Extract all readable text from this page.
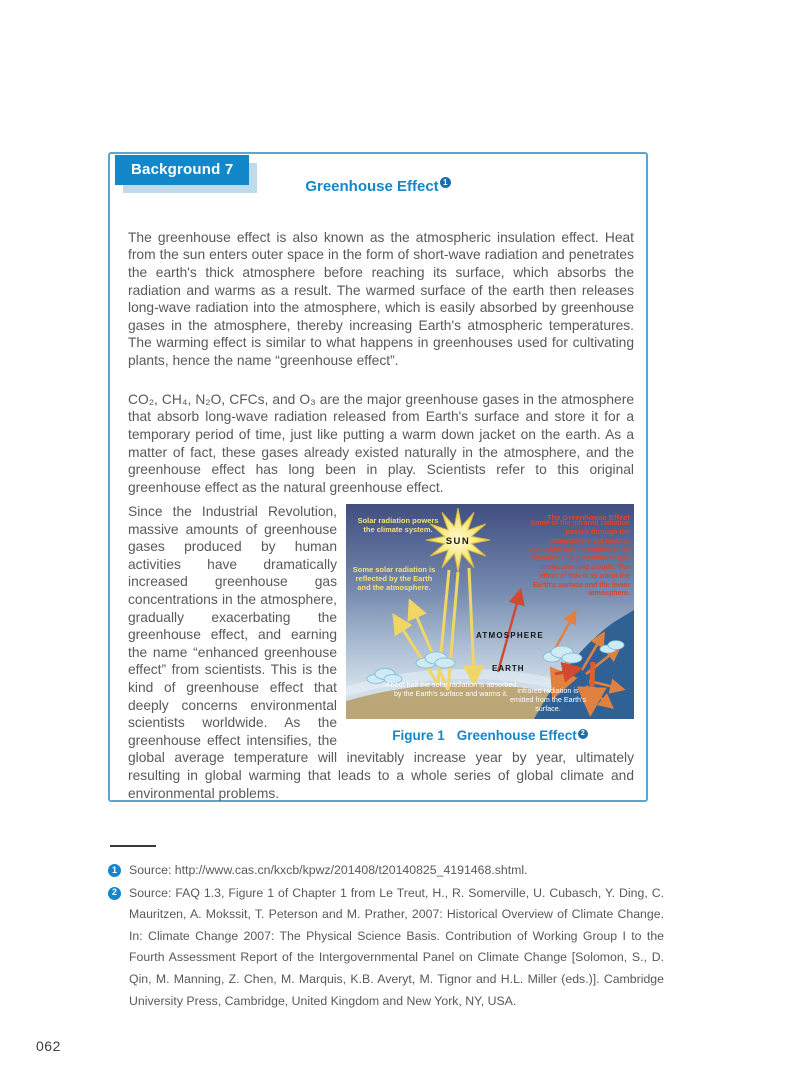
Background 7
Greenhouse Effect 1

The greenhouse effect is also known as the atmospheric insulation effect. Heat from the sun enters outer space in the form of short-wave radiation and penetrates the earth's thick atmosphere before reaching its surface, which absorbs the radiation and warms as a result. The warmed surface of the earth then releases long-wave radiation into the atmosphere, which is easily absorbed by greenhouse gases in the atmosphere, thereby increasing Earth's atmospheric temperatures. The warming effect is similar to what happens in greenhouses used for cultivating plants, hence the name “greenhouse effect”.

CO₂, CH₄, N₂O, CFCs, and O₃ are the major greenhouse gases in the atmosphere that absorb long-wave radiation released from Earth's surface and store it for a temporary period of time, just like putting a warm down jacket on the earth. As a matter of fact, these gases already existed naturally in the atmosphere, and the greenhouse effect has long been in play. Scientists refer to this original greenhouse effect as the natural greenhouse effect.

SUN
Solar radiation powers the climate system.
Some solar radiation is reflected by the Earth and the atmosphere.
The Greenhouse Effect
Some of the infrared radiation passes through the atmosphere but most is absorbed and re-emitted in all directions by greenhouse gas molecules and clouds. The effect of this is to warm the Earth's surface and the lower atmosphere.
ATMOSPHERE
EARTH
About half the solar radiation is absorbed by the Earth's surface and warms it.	infrared radiation is emitted from the Earth's surface.
Figure 1 Greenhouse Effect 2
Since the Industrial Revolution, massive amounts of greenhouse gases produced by human activities have dramatically increased greenhouse gas concentrations in the atmosphere, gradually exacerbating the greenhouse effect, and earning the name “enhanced greenhouse effect” from scientists. This is the kind of greenhouse effect that deeply concerns environmental scientists worldwide. As the greenhouse effect intensifies, the global average temperature will inevitably increase year by year, ultimately resulting in global warming that leads to a whole series of global climate and environmental problems.
1 Source: http://www.cas.cn/kxcb/kpwz/201408/t20140825_4191468.shtml.
2 Source: FAQ 1.3, Figure 1 of Chapter 1 from Le Treut, H., R. Somerville, U. Cubasch, Y. Ding, C. Mauritzen, A. Mokssit, T. Peterson and M. Prather, 2007: Historical Overview of Climate Change. In: Climate Change 2007: The Physical Science Basis. Contribution of Working Group I to the Fourth Assessment Report of the Intergovernmental Panel on Climate Change [Solomon, S., D. Qin, M. Manning, Z. Chen, M. Marquis, K.B. Averyt, M. Tignor and H.L. Miller (eds.)]. Cambridge University Press, Cambridge, United Kingdom and New York, NY, USA.
062
